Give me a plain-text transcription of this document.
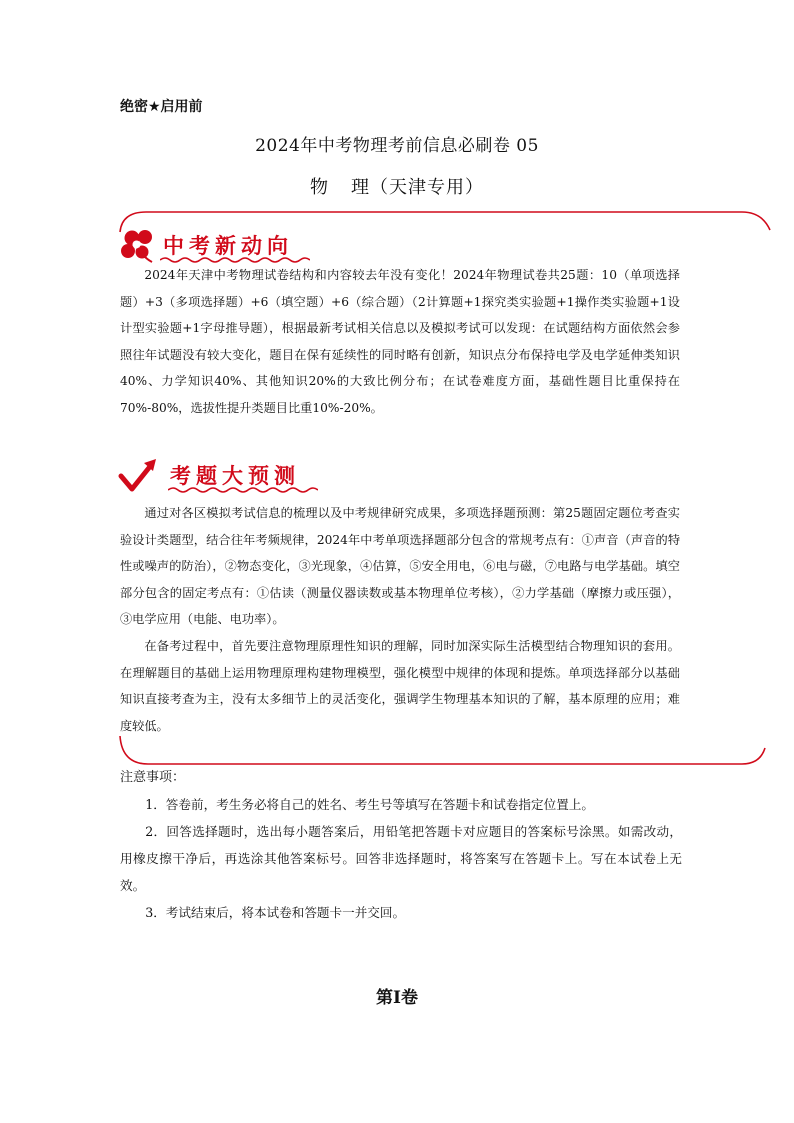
绝密★启用前
2024年中考物理考前信息必刷卷 05
物 理（天津专用）
中考新动向

2024年天津中考物理试卷结构和内容较去年没有变化！2024年物理试卷共25题：10（单项选择题）+3（多项选择题）+6（填空题）+6（综合题）（2计算题+1探究类实验题+1操作类实验题+1设计型实验题+1字母推导题），根据最新考试相关信息以及模拟考试可以发现：在试题结构方面依然会参照往年试题没有较大变化，题目在保有延续性的同时略有创新，知识点分布保持电学及电学延伸类知识40%、力学知识40%、其他知识20%的大致比例分布；在试卷难度方面，基础性题目比重保持在70%-80%，选拔性提升类题目比重10%-20%。

考题大预测

通过对各区模拟考试信息的梳理以及中考规律研究成果，多项选择题预测：第25题固定题位考查实验设计类题型，结合往年考频规律，2024年中考单项选择题部分包含的常规考点有：①声音（声音的特性或噪声的防治），②物态变化，③光现象，④估算，⑤安全用电，⑥电与磁，⑦电路与电学基础。填空部分包含的固定考点有：①估读（测量仪器读数或基本物理单位考核），②力学基础（摩擦力或压强），③电学应用（电能、电功率）。

在备考过程中，首先要注意物理原理性知识的理解，同时加深实际生活模型结合物理知识的套用。在理解题目的基础上运用物理原理构建物理模型，强化模型中规律的体现和提炼。单项选择部分以基础知识直接考查为主，没有太多细节上的灵活变化，强调学生物理基本知识的了解，基本原理的应用；难度较低。

注意事项：

1．答卷前，考生务必将自己的姓名、考生号等填写在答题卡和试卷指定位置上。

2．回答选择题时，选出每小题答案后，用铅笔把答题卡对应题目的答案标号涂黑。如需改动，用橡皮擦干净后，再选涂其他答案标号。回答非选择题时，将答案写在答题卡上。写在本试卷上无效。

3．考试结束后，将本试卷和答题卡一并交回。

第Ⅰ卷
